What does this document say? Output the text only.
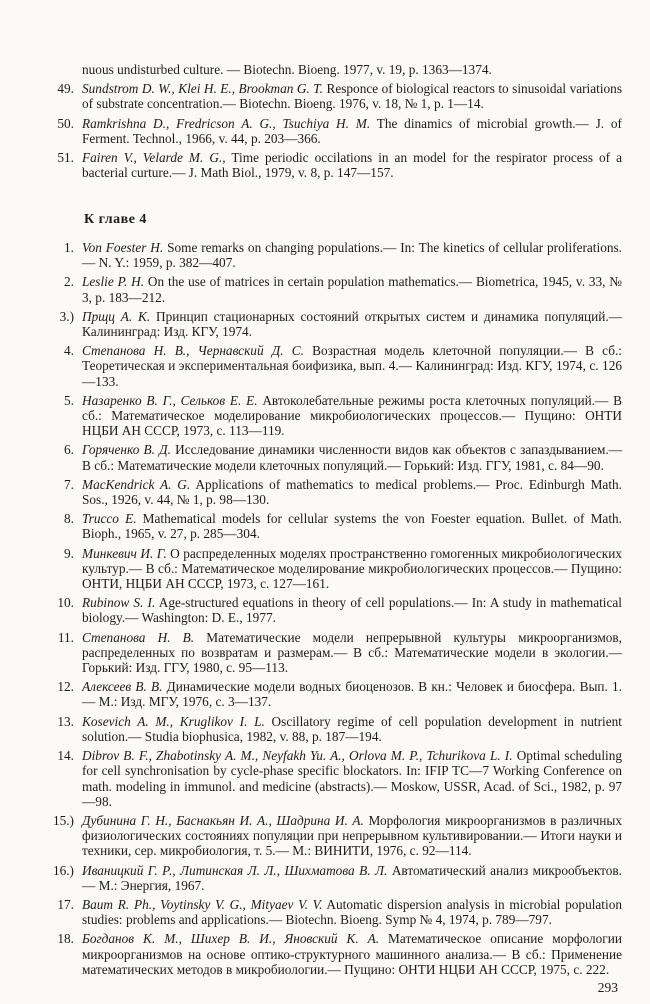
nuous undisturbed culture. — Biotechn. Bioeng. 1977, v. 19, p. 1363—1374.
49. Sundstrom D. W., Klei H. E., Brookman G. T. Responce of biological reactors to sinusoidal variations of substrate concentration.— Biotechn. Bioeng. 1976, v. 18, № 1, p. 1—14.
50. Ramkrishna D., Fredricson A. G., Tsuchiya H. M. The dinamics of microbial growth.— J. of Ferment. Technol., 1966, v. 44, p. 203—366.
51. Fairen V., Velarde M. G., Time periodic occilations in an model for the respirator process of a bacterial curture.— J. Math Biol., 1979, v. 8, p. 147—157.
К главе 4
1. Von Foester H. Some remarks on changing populations.— In: The kinetics of cellular proliferations.— N. Y.: 1959, p. 382—407.
2. Leslie P. H. On the use of matrices in certain population mathematics.— Biometrica, 1945, v. 33, № 3, p. 183—212.
3.) Прщц А. К. Принцип стационарных состояний открытых систем и динамика популяций.— Калининград: Изд. КГУ, 1974.
4. Степанова Н. В., Чернавский Д. С. Возрастная модель клеточной популяции.— В сб.: Теоретическая и экспериментальная бoифизика, вып. 4.— Калининград: Изд. КГУ, 1974, с. 126—133.
5. Назаренко В. Г., Сельков Е. Е. Автоколебательные режимы роста клеточных популяций.— В сб.: Математическое моделирование микробиологических процессов.— Пущино: ОНТИ НЦБИ АН СССР, 1973, с. 113—119.
6. Горяченко В. Д. Исследование динамики численности видов как объектов с запаздыванием.— В сб.: Математические модели клеточных популяций.— Горький: Изд. ГГУ, 1981, с. 84—90.
7. MacKendrick A. G. Applications of mathematics to medical problems.— Proc. Edinburgh Math. Sos., 1926, v. 44, № 1, p. 98—130.
8. Trucco E. Mathematical models for cellular systems the von Foester equation. Bullet. of Math. Bioph., 1965, v. 27, p. 285—304.
9. Минкевич И. Г. О распределенных моделях пространственно гомогенных микробиологических культур.— В сб.: Математическое моделирование микробиологических процессов.— Пущино: ОНТИ, НЦБИ АН СССР, 1973, с. 127—161.
10. Rubinow S. I. Age-structured equations in theory of cell populations.— In: A study in mathematical biology.— Washington: D. E., 1977.
11. Степанова Н. В. Математические модели непрерывной культуры микроорганизмов, распределенных по возвратам и размерам.— В сб.: Математические модели в экологии.— Горький: Изд. ГГУ, 1980, с. 95—113.
12. Алексеев В. В. Динамические модели водных биоценозов. В кн.: Человек и биосфера. Вып. 1.— М.: Изд. МГУ, 1976, с. 3—137.
13. Kosevich A. M., Kruglikov I. L. Oscillatory regime of cell population development in nutrient solution.— Studia biophusica, 1982, v. 88, p. 187—194.
14. Dibrov B. F., Zhabotinsky A. M., Neyfakh Yu. A., Orlova M. P., Tchurikova L. I. Optimal scheduling for cell synchronisation by cycle-phase specific blockators. In: IFIP TC—7 Working Conference on math. modeling in immunol. and medicine (abstracts).— Moskow, USSR, Acad. of Sci., 1982, p. 97—98.
15.) Дубинина Г. Н., Баснакьян И. А., Шадрина И. А. Морфология микроорганизмов в различных физиологических состояниях популяции при непрерывном культивировании.— Итоги науки и техники, сер. микробиология, т. 5.— М.: ВИНИТИ, 1976, с. 92—114.
16.) Иваницкий Г. Р., Литинская Л. Л., Шихматова В. Л. Автоматический анализ микрообъектов.— М.: Энергия, 1967.
17. Baum R. Ph., Voytinsky V. G., Mityaev V. V. Automatic dispersion analysis in microbial population studies: problems and applications.— Biotechn. Bioeng. Symp № 4, 1974, p. 789—797.
18. Богданов К. М., Шихер В. И., Яновский К. А. Математическое описание морфологии микроорганизмов на основе оптико-структурного машинного анализа.— В сб.: Применение математических методов в микробиологии.— Пущино: ОНТИ НЦБИ АН СССР, 1975, с. 222.
293
